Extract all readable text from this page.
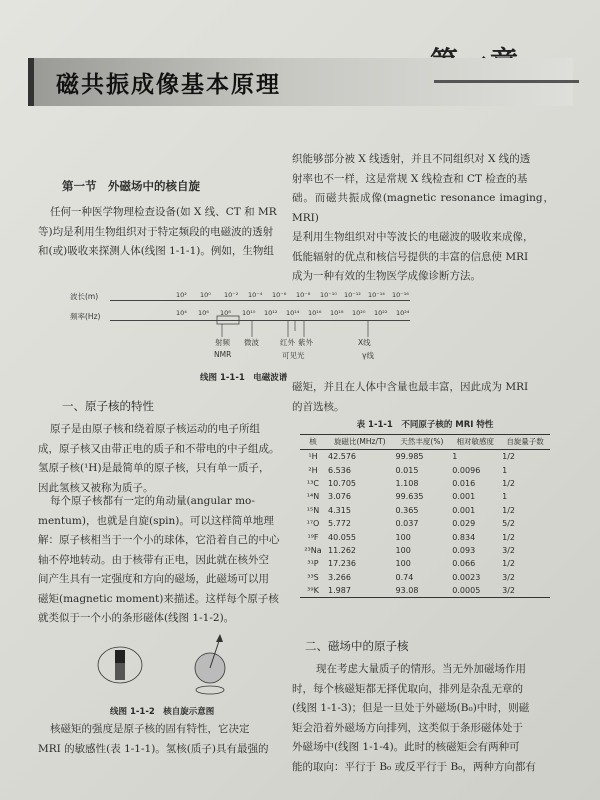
磁共振成像基本原理
第一节　外磁场中的核自旋
任何一种医学物理检查设备(如 X 线、CT 和 MR
等)均是利用生物组织对于特定频段的电磁波的透射
和(或)吸收来探测人体(线图 1-1-1)。例如，生物组
织能够部分被 X 线透射，并且不同组织对 X 线的透
射率也不一样，这是常规 X 线检查和 CT 检查的基
础。而磁共振成像(magnetic resonance imaging，MRI)
是利用生物组织对中等波长的电磁波的吸收来成像，
低能辐射的优点和核信号提供的丰富的信息使 MRI
成为一种有效的生物医学成像诊断方法。
波长(m)	10² 10⁰ 10⁻² 10⁻⁴ 10⁻⁶ 10⁻⁸ 10⁻¹⁰ 10⁻¹² 10⁻¹⁴ 10⁻¹⁶
频率(Hz)	10⁴ 10⁶ 10⁸ 10¹⁰ 10¹² 10¹⁴ 10¹⁶ 10¹⁸ 10²⁰ 10²² 10²⁴
射频 微波	红外 紫外	X线
NMR	可见光	γ线
线图 1-1-1　电磁波谱
一、原子核的特性
原子是由原子核和绕着原子核运动的电子所组
成，原子核又由带正电的质子和不带电的中子组成。
氢原子核(¹H)是最简单的原子核，只有单一质子，
因此氢核又被称为质子。
每个原子核都有一定的角动量(angular mo-
mentum)，也就是自旋(spin)。可以这样简单地理
解：原子核相当于一个小的球体，它沿着自己的中心
轴不停地转动。由于核带有正电，因此就在核外空
间产生具有一定强度和方向的磁场，此磁场可以用
磁矩(magnetic moment)来描述。这样每个原子核
就类似于一个小的条形磁体(线图 1-1-2)。
线图 1-1-2　核自旋示意图
核磁矩的强度是原子核的固有特性，它决定
MRI 的敏感性(表 1-1-1)。氢核(质子)具有最强的
磁矩，并且在人体中含量也最丰富，因此成为 MRI
的首选核。
表 1-1-1　不同原子核的 MRI 特性
核	旋磁比(MHz/T)	天然丰度(%)	相对敏感度	自旋量子数
¹H	42.576	99.985	1	1/2
²H	6.536	0.015	0.0096	1
¹³C	10.705	1.108	0.016	1/2
¹⁴N	3.076	99.635	0.001	1
¹⁵N	4.315	0.365	0.001	1/2
¹⁷O	5.772	0.037	0.029	5/2
¹⁹F	40.055	100	0.834	1/2
²³Na	11.262	100	0.093	3/2
³¹P	17.236	100	0.066	1/2
³³S	3.266	0.74	0.0023	3/2
³⁹K	1.987	93.08	0.0005	3/2
二、磁场中的原子核
现在考虑大量质子的情形。当无外加磁场作用
时，每个核磁矩都无择优取向，排列是杂乱无章的
(线图 1-1-3)；但是一旦处于外磁场(B₀)中时，则磁
矩会沿着外磁场方向排列，这类似于条形磁体处于
外磁场中(线图 1-1-4)。此时的核磁矩会有两种可
能的取向：平行于 B₀ 或反平行于 B₀，两种方向都有
